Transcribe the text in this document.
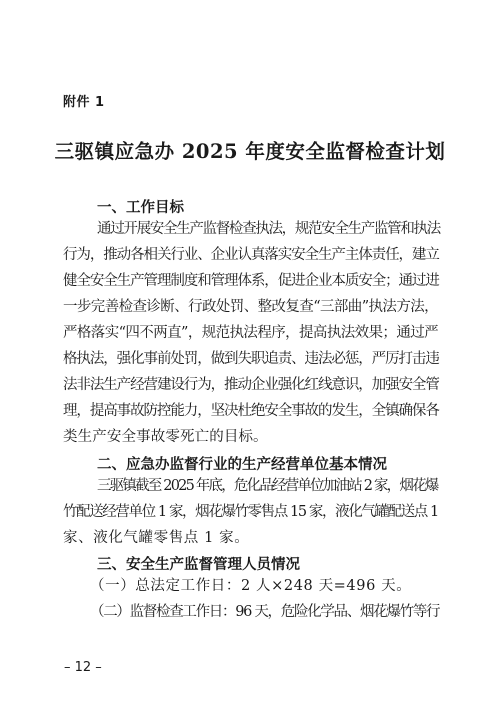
附件 1
三驱镇应急办 2025 年度安全监督检查计划
一、工作目标
通过开展安全生产监督检查执法，规范安全生产监管和执法
行为，推动各相关行业、企业认真落实安全生产主体责任，建立
健全安全生产管理制度和管理体系，促进企业本质安全；通过进
一步完善检查诊断、行政处罚、整改复查“三部曲”执法方法，
严格落实“四不两直”，规范执法程序，提高执法效果；通过严
格执法，强化事前处罚，做到失职追责、违法必惩，严厉打击违
法非法生产经营建设行为，推动企业强化红线意识，加强安全管
理，提高事故防控能力，坚决杜绝安全事故的发生，全镇确保各
类生产安全事故零死亡的目标。
二、应急办监督行业的生产经营单位基本情况
三驱镇截至 2025 年底，危化品经营单位加油站 2 家，烟花爆
竹配送经营单位 1 家，烟花爆竹零售点 15 家，液化气罐配送点 1
家、液化气罐零售点 1 家。
三、安全生产监督管理人员情况
（一）总法定工作日：2 人×248 天=496 天。
（二）监督检查工作日：96 天，危险化学品、烟花爆竹等行
– 12 –
